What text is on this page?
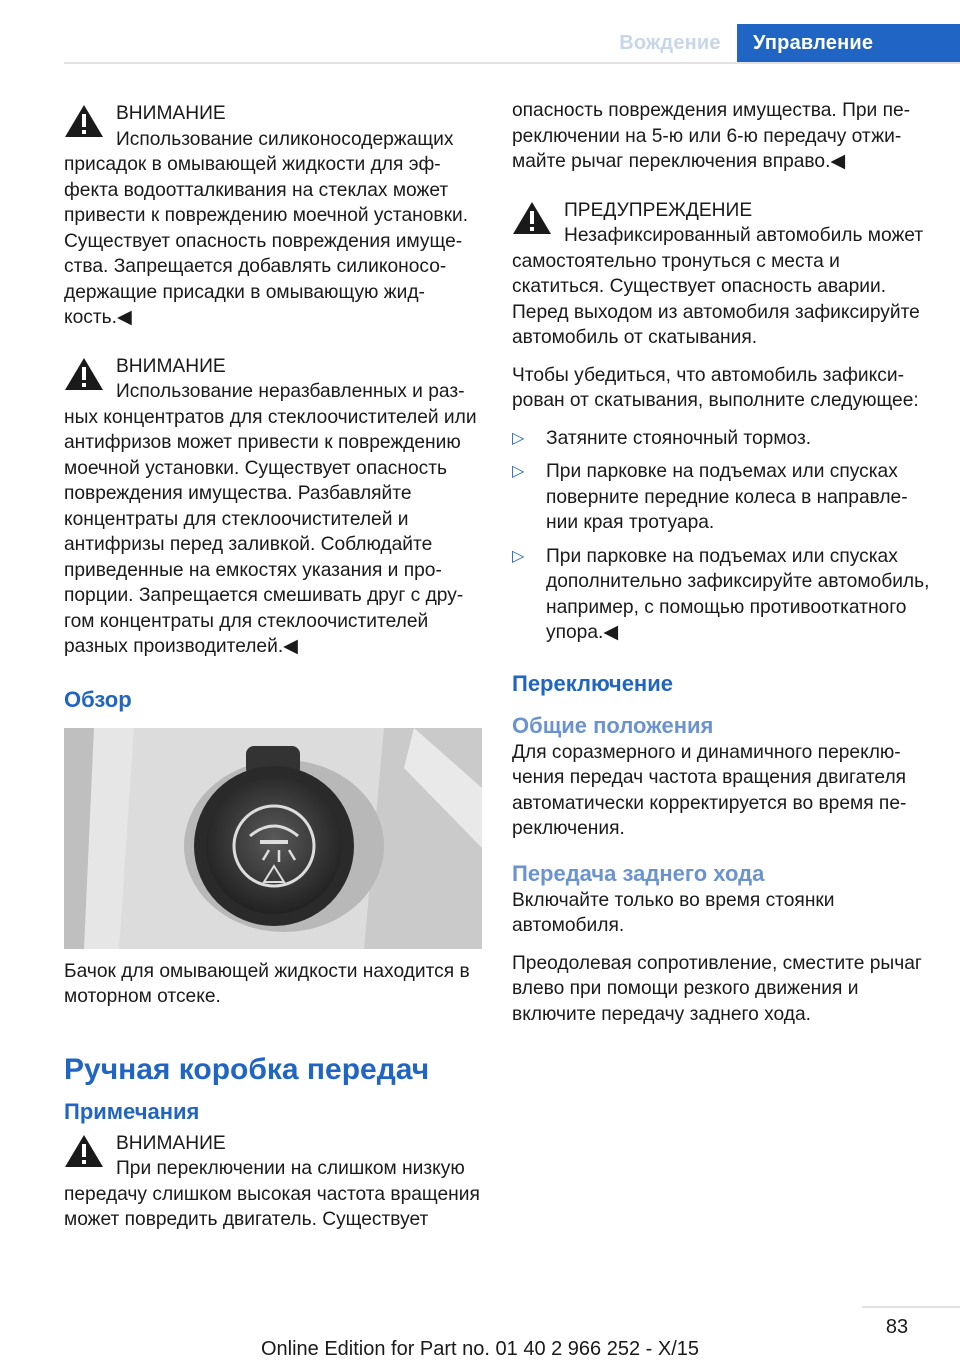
Вождение	Управление
ВНИМАНИЕ

Использование силиконосодержащих присадок в омывающей жидкости для эффекта водоотталкивания на стеклах может привести к повреждению моечной установки. Существует опасность повреждения имущества. Запрещается добавлять силиконосодержащие присадки в омывающую жидкость.◀

ВНИМАНИЕ

Использование неразбавленных и разных концентратов для стеклоочистителей или антифризов может привести к повреждению моечной установки. Существует опасность повреждения имущества. Разбавляйте концентраты для стеклоочистителей и антифризы перед заливкой. Соблюдайте приведенные на емкостях указания и пропорции. Запрещается смешивать друг с другом концентраты для стеклоочистителей разных производителей.◀

Обзор

Бачок для омывающей жидкости находится в моторном отсеке.

Ручная коробка передач
Примечания
ВНИМАНИЕ

При переключении на слишком низкую передачу слишком высокая частота вращения может повредить двигатель. Существует

опасность повреждения имущества. При переключении на 5-ю или 6-ю передачу отжимайте рычаг переключения вправо.◀

ПРЕДУПРЕЖДЕНИЕ

Незафиксированный автомобиль может самостоятельно тронуться с места и скатиться. Существует опасность аварии. Перед выходом из автомобиля зафиксируйте автомобиль от скатывания.

Чтобы убедиться, что автомобиль зафиксирован от скатывания, выполните следующее:

▷ Затяните стояночный тормоз.
▷ При парковке на подъемах или спусках поверните передние колеса в направлении края тротуара.
▷ При парковке на подъемах или спусках дополнительно зафиксируйте автомобиль, например, с помощью противооткатного упора.◀
Переключение
Общие положения

Для соразмерного и динамичного переключения передач частота вращения двигателя автоматически корректируется во время переключения.

Передача заднего хода

Включайте только во время стоянки автомобиля.

Преодолевая сопротивление, сместите рычаг влево при помощи резкого движения и включите передачу заднего хода.

83
Online Edition for Part no. 01 40 2 966 252 - X/15
